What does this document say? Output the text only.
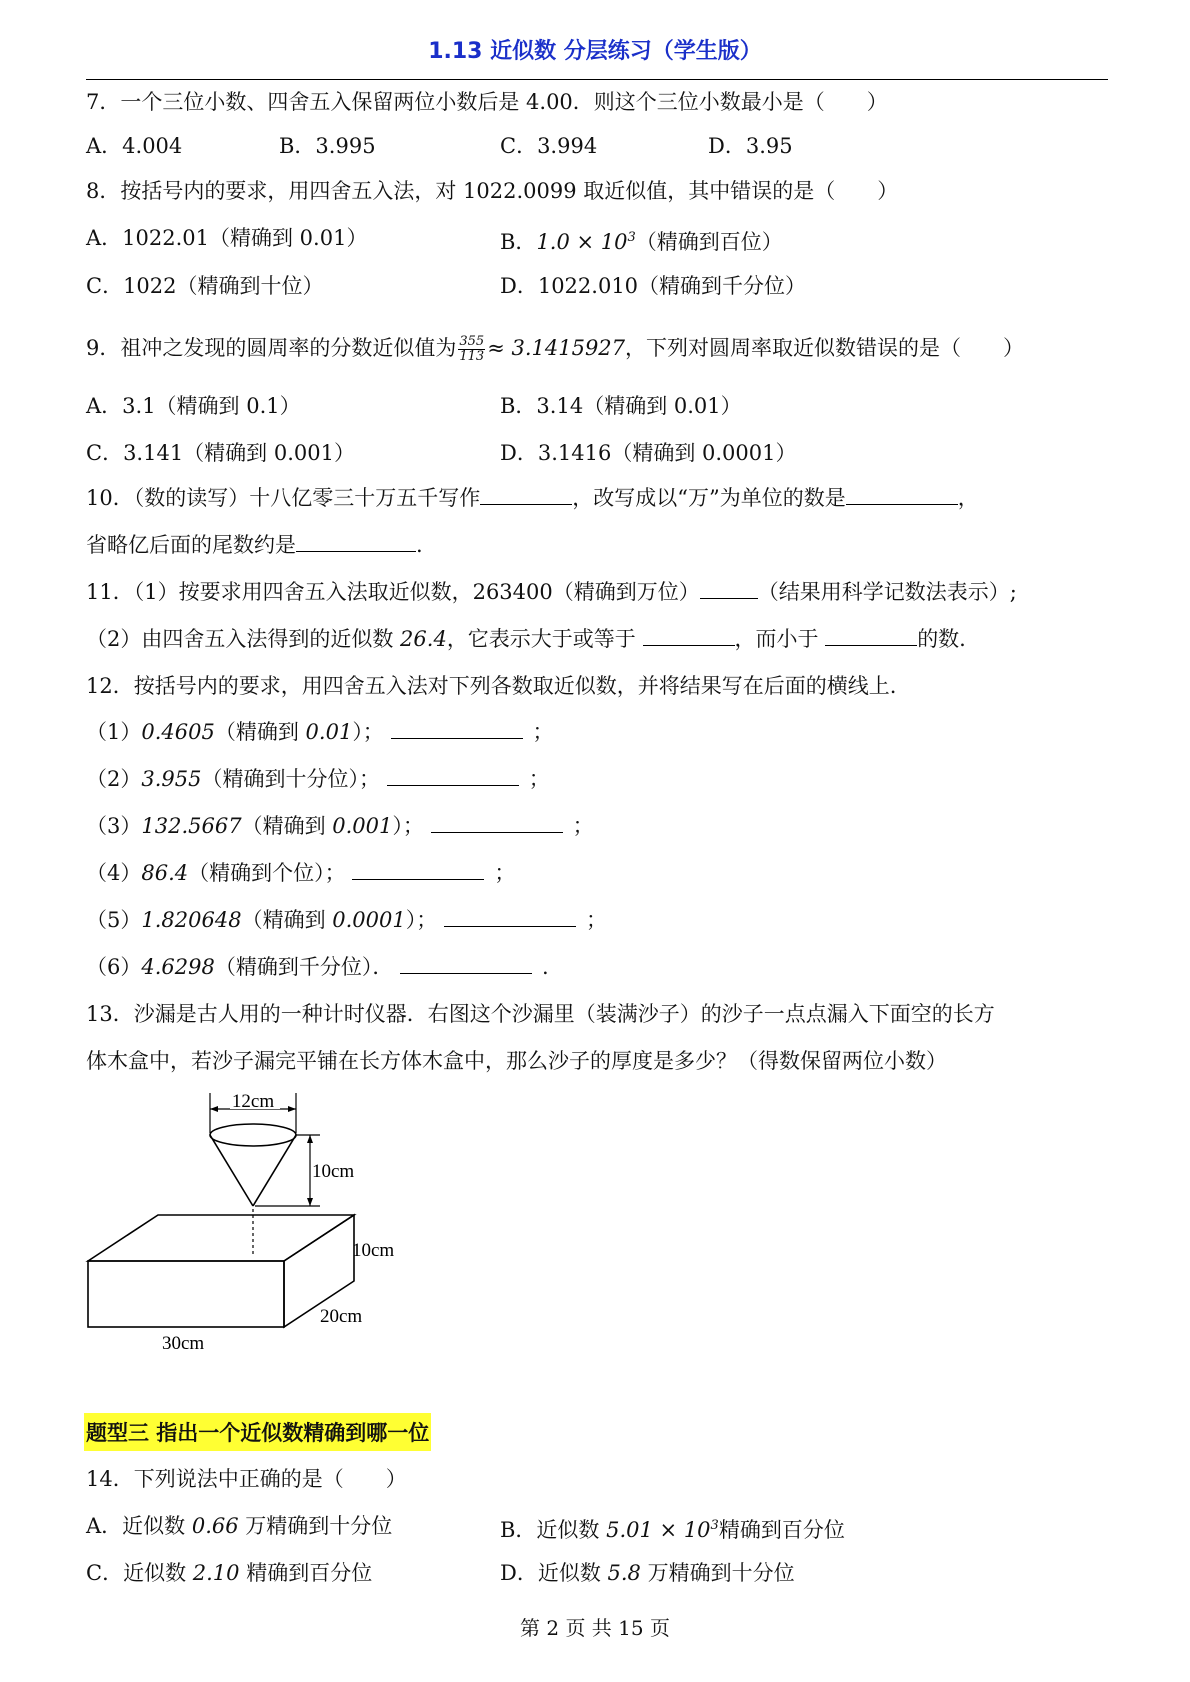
1.13 近似数 分层练习（学生版）
7．一个三位小数、四舍五入保留两位小数后是 4.00．则这个三位小数最小是（　　）
A．4.004	B．3.995	C．3.994	D．3.95
8．按括号内的要求，用四舍五入法，对 1022.0099 取近似值，其中错误的是（　　）
A．1022.01（精确到 0.01）	B．$1.0 \times 10^3$（精确到百位）
C．1022（精确到十位）	D．1022.010（精确到千分位）
9．祖冲之发现的圆周率的分数近似值为 $\frac{355}{113} \approx 3.1415927$，下列对圆周率取近似数错误的是（　　）
A．3.1（精确到 0.1）	B．3.14（精确到 0.01）
C．3.141（精确到 0.001）	D．3.1416（精确到 0.0001）
10．（数的读写）十八亿零三十万五千写作	，改写成以“万”为单位的数是	，
省略亿后面的尾数约是	.
11．（1）按要求用四舍五入法取近似数，263400（精确到万位）	（结果用科学记数法表示）;
（2）由四舍五入法得到的近似数 26.4，它表示大于或等于	，而小于	的数.
12．按括号内的要求，用四舍五入法对下列各数取近似数，并将结果写在后面的横线上.
（1）0.4605（精确到 0.01）；	；
（2）3.955（精确到十分位）；	；
（3）132.5667（精确到 0.001）；	；
（4）86.4（精确到个位）；	；
（5）1.820648（精确到 0.0001）；	；
（6）4.6298（精确到千分位）．	.
13．沙漏是古人用的一种计时仪器．右图这个沙漏里（装满沙子）的沙子一点点漏入下面空的长方
体木盒中，若沙子漏完平铺在长方体木盒中，那么沙子的厚度是多少？（得数保留两位小数）
12cm
10cm
10cm
20cm
30cm
题型三 指出一个近似数精确到哪一位
14．下列说法中正确的是（　　）
A．近似数 0.66 万精确到十分位	B．近似数 $5.01 \times 10^3$精确到百分位
C．近似数 2.10 精确到百分位	D．近似数 5.8 万精确到十分位
第 2 页 共 15 页
